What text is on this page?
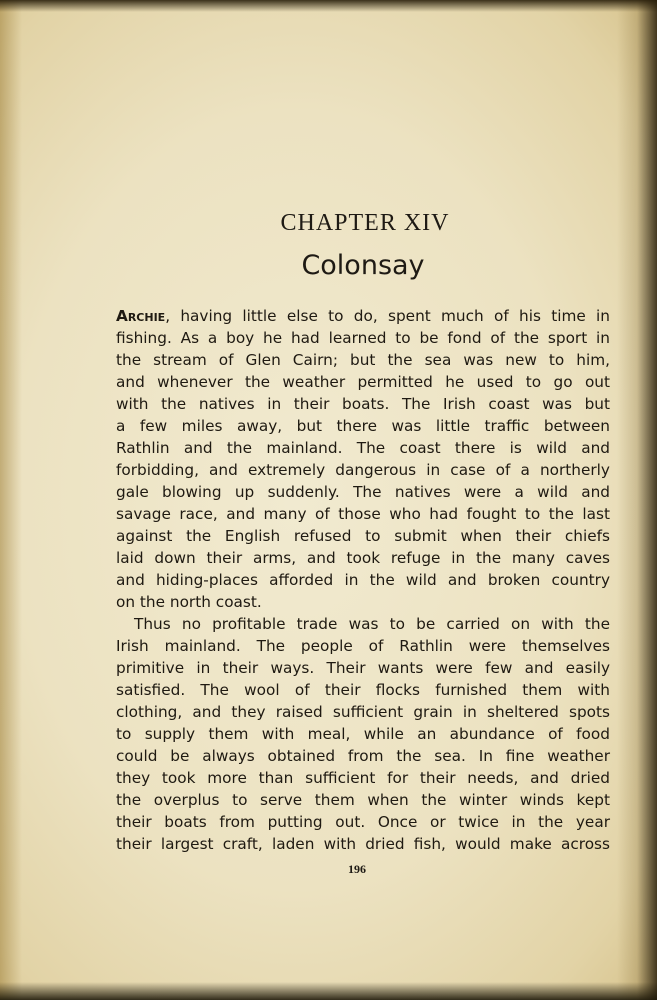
CHAPTER XIV
Colonsay
Archie, having little else to do, spent much of his time in
fishing. As a boy he had learned to be fond of the sport in
the stream of Glen Cairn; but the sea was new to him,
and whenever the weather permitted he used to go out
with the natives in their boats. The Irish coast was but
a few miles away, but there was little traffic between
Rathlin and the mainland. The coast there is wild and
forbidding, and extremely dangerous in case of a northerly
gale blowing up suddenly. The natives were a wild and
savage race, and many of those who had fought to the last
against the English refused to submit when their chiefs
laid down their arms, and took refuge in the many caves
and hiding-places afforded in the wild and broken country
on the north coast.
Thus no profitable trade was to be carried on with the
Irish mainland. The people of Rathlin were themselves
primitive in their ways. Their wants were few and easily
satisfied. The wool of their flocks furnished them with
clothing, and they raised sufficient grain in sheltered spots
to supply them with meal, while an abundance of food
could be always obtained from the sea. In fine weather
they took more than sufficient for their needs, and dried
the overplus to serve them when the winter winds kept
their boats from putting out. Once or twice in the year
their largest craft, laden with dried fish, would make across
196
